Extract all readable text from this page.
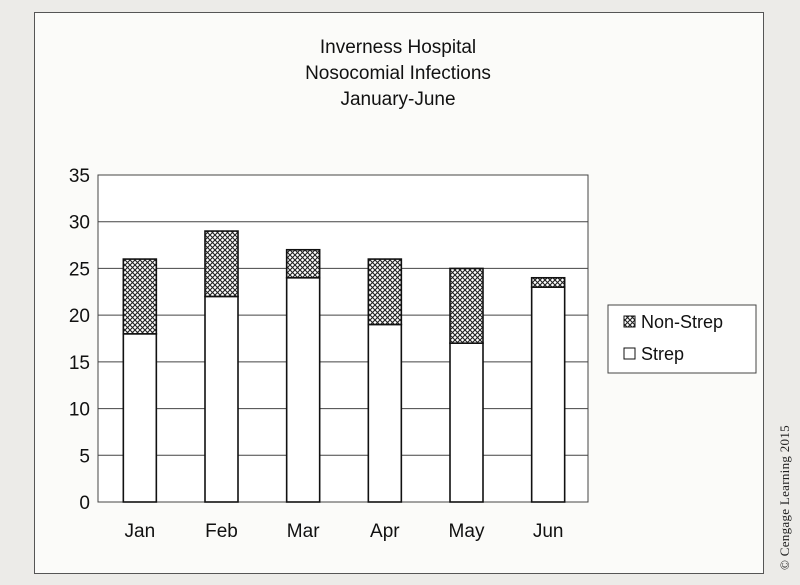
Inverness Hospital
Nosocomial Infections
January-June
0
5
10
15
20
25
30
35
Jan	Feb	Mar	Apr	May	Jun
Non-Strep
Strep
© Cengage Learning 2015
